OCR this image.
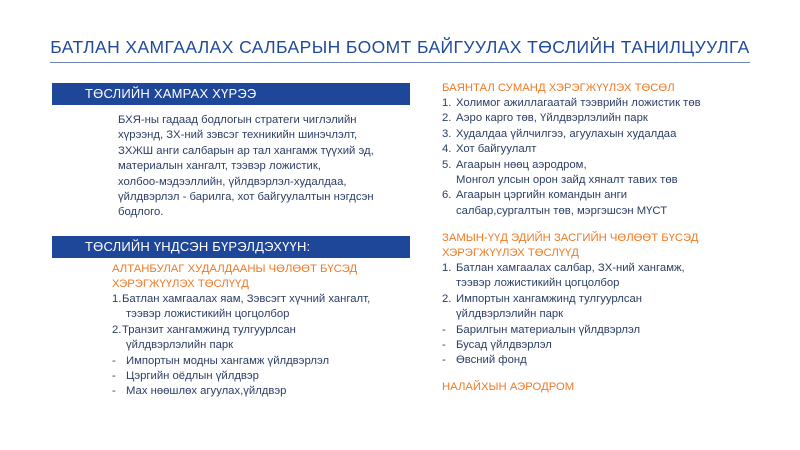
БАТЛАН ХАМГААЛАХ САЛБАРЫН БООМТ БАЙГУУЛАХ ТӨСЛИЙН ТАНИЛЦУУЛГА
ТӨСЛИЙН ХАМРАХ ХҮРЭЭ
БХЯ-ны гадаад бодлогын стратеги чиглэлийн
хүрээнд, ЗХ-ний зэвсэг техникийн шинэчлэлт,
ЗХЖШ анги салбарын ар тал хангамж түүхий эд,
материалын хангалт, тээвэр ложистик,
холбоо-мэдээллийн, үйлдвэрлэл-худалдаа,
үйлдвэрлэл - барилга, хот байгуулалтын нэгдсэн
бодлого.
ТӨСЛИЙН ҮНДСЭН БҮРЭЛДЭХҮҮН:
АЛТАНБУЛАГ ХУДАЛДААНЫ ЧӨЛӨӨТ БҮСЭД
ХЭРЭГЖҮҮЛЭХ ТӨСЛҮҮД
1. Батлан хамгаалах яам, Зэвсэгт хүчний хангалт,
тээвэр ложистикийн цогцолбор
2. Транзит хангамжинд тулгуурлсан
үйлдвэрлэлийн парк
- Импортын модны хангамж үйлдвэрлэл
- Цэргийн оёдлын үйлдвэр
- Мах нөөшлөх агуулах,үйлдвэр
БАЯНТАЛ СУМАНД ХЭРЭГЖҮҮЛЭХ ТӨСӨЛ
1. Холимог ажиллагаатай тээврийн ложистик төв
2. Аэро карго төв, Үйлдвэрлэлийн парк
3. Худалдаа үйлчилгээ, агуулахын худалдаа
4. Хот байгуулалт
5. Агаарын нөөц аэродром,
Монгол улсын орон зайд хяналт тавих төв
6. Агаарын цэргийн командын анги
салбар,сургалтын төв, мэргэшсэн МҮСТ
ЗАМЫН-ҮҮД ЭДИЙН ЗАСГИЙН ЧӨЛӨӨТ БҮСЭД
ХЭРЭГЖҮҮЛЭХ ТӨСЛҮҮД
1. Батлан хамгаалах салбар, ЗХ-ний хангамж,
тээвэр ложистикийн цогцолбор
2. Импортын хангамжинд тулгуурлсан
үйлдвэрлэлийн парк
- Барилгын материалын үйлдвэрлэл
- Бусад үйлдвэрлэл
- Өвсний фонд
НАЛАЙХЫН АЭРОДРОМ
